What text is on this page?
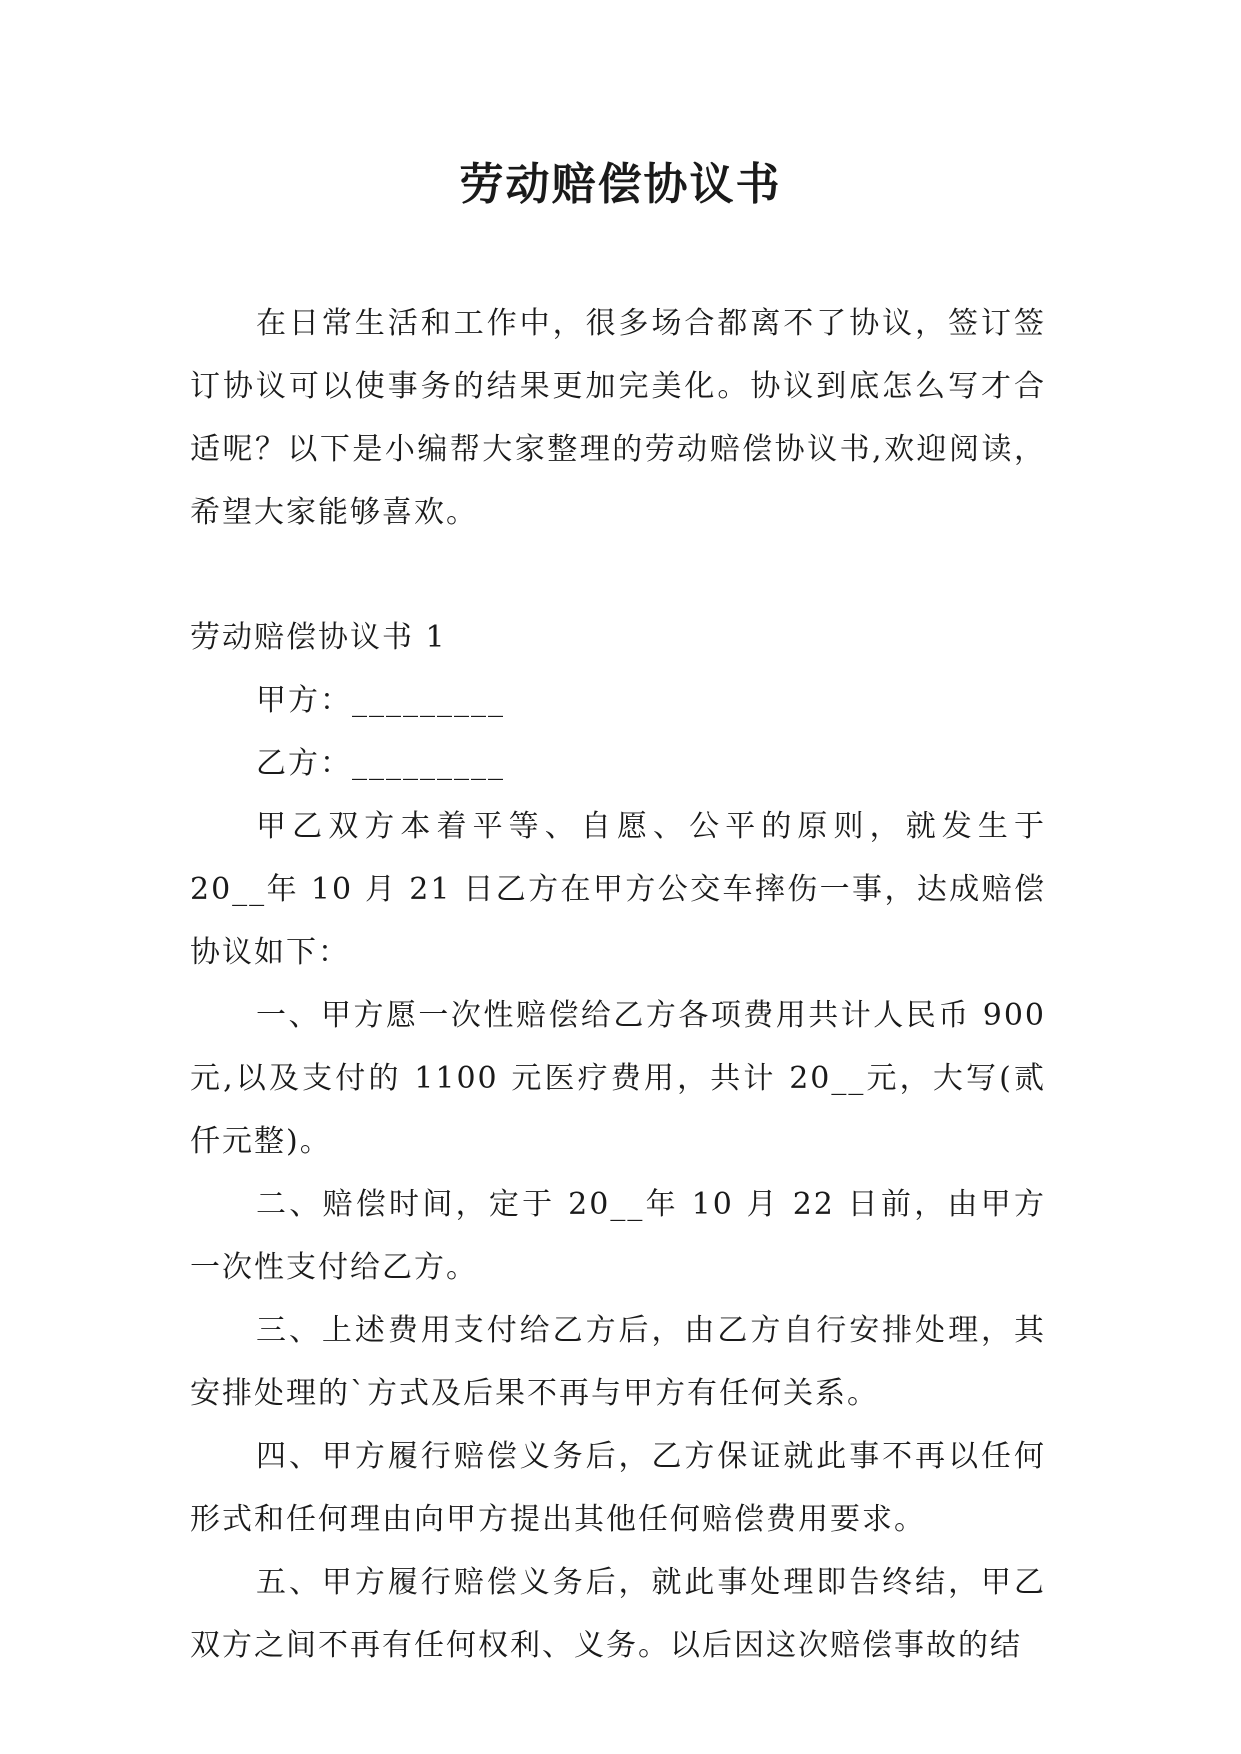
劳动赔偿协议书

在日常生活和工作中，很多场合都离不了协议，签订签订协议可以使事务的结果更加完美化。协议到底怎么写才合适呢？以下是小编帮大家整理的劳动赔偿协议书,欢迎阅读，希望大家能够喜欢。

劳动赔偿协议书 1

甲方：_________

乙方：_________

甲乙双方本着平等、自愿、公平的原则，就发生于 20__年 10 月 21 日乙方在甲方公交车摔伤一事，达成赔偿协议如下：

一、甲方愿一次性赔偿给乙方各项费用共计人民币 900元,以及支付的 1100 元医疗费用，共计 20__元，大写(贰仟元整)。

二、赔偿时间，定于 20__年 10 月 22 日前，由甲方一次性支付给乙方。

三、上述费用支付给乙方后，由乙方自行安排处理，其安排处理的`方式及后果不再与甲方有任何关系。

四、甲方履行赔偿义务后，乙方保证就此事不再以任何形式和任何理由向甲方提出其他任何赔偿费用要求。

五、甲方履行赔偿义务后，就此事处理即告终结，甲乙双方之间不再有任何权利、义务。以后因这次赔偿事故的结
